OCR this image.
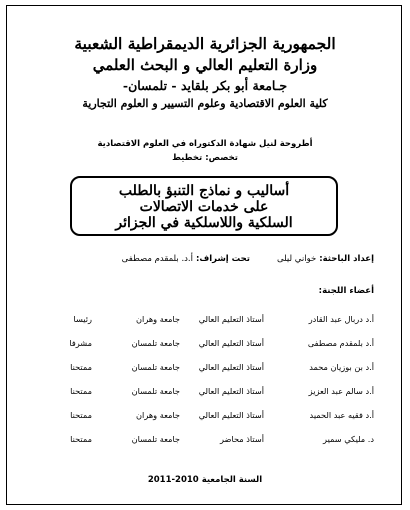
الجمهورية الجزائرية الديمقراطية الشعبية
وزارة التعليم العالي و البحث العلمي
جـامعة أبو بكر بلقايد - تلمسان-
كلية العلوم الاقتصادية وعلوم التسيير و العلوم التجارية
أطروحة لنيل شهادة الدكتوراه في العلوم الاقتصادية
تخصص: تخطيط
أساليب و نماذج التنبؤ بالطلب
على خدمات الاتصالات
السلكية واللاسلكية في الجزائر
إعداد الباحثة: خواني ليلى
تحت إشراف: أ.د. بلمقدم مصطفى
أعضاء اللجنة:
أ.د دربال عبد القادر
أستاذ التعليم العالي
جامعة وهران
رئيسا
أ.د بلمقدم مصطفى
أستاذ التعليم العالي
جامعة تلمسان
مشرفا
أ.د بن بوزيان محمد
أستاذ التعليم العالي
جامعة تلمسان
ممتحنا
أ.د سالم عبد العزيز
أستاذ التعليم العالي
جامعة تلمسان
ممتحنا
أ.د فقيه عبد الحميد
أستاذ التعليم العالي
جامعة وهران
ممتحنا
د. مليكي سمير
أستاذ محاضر
جامعة تلمسان
ممتحنا
السنة الجامعية 2010-2011
